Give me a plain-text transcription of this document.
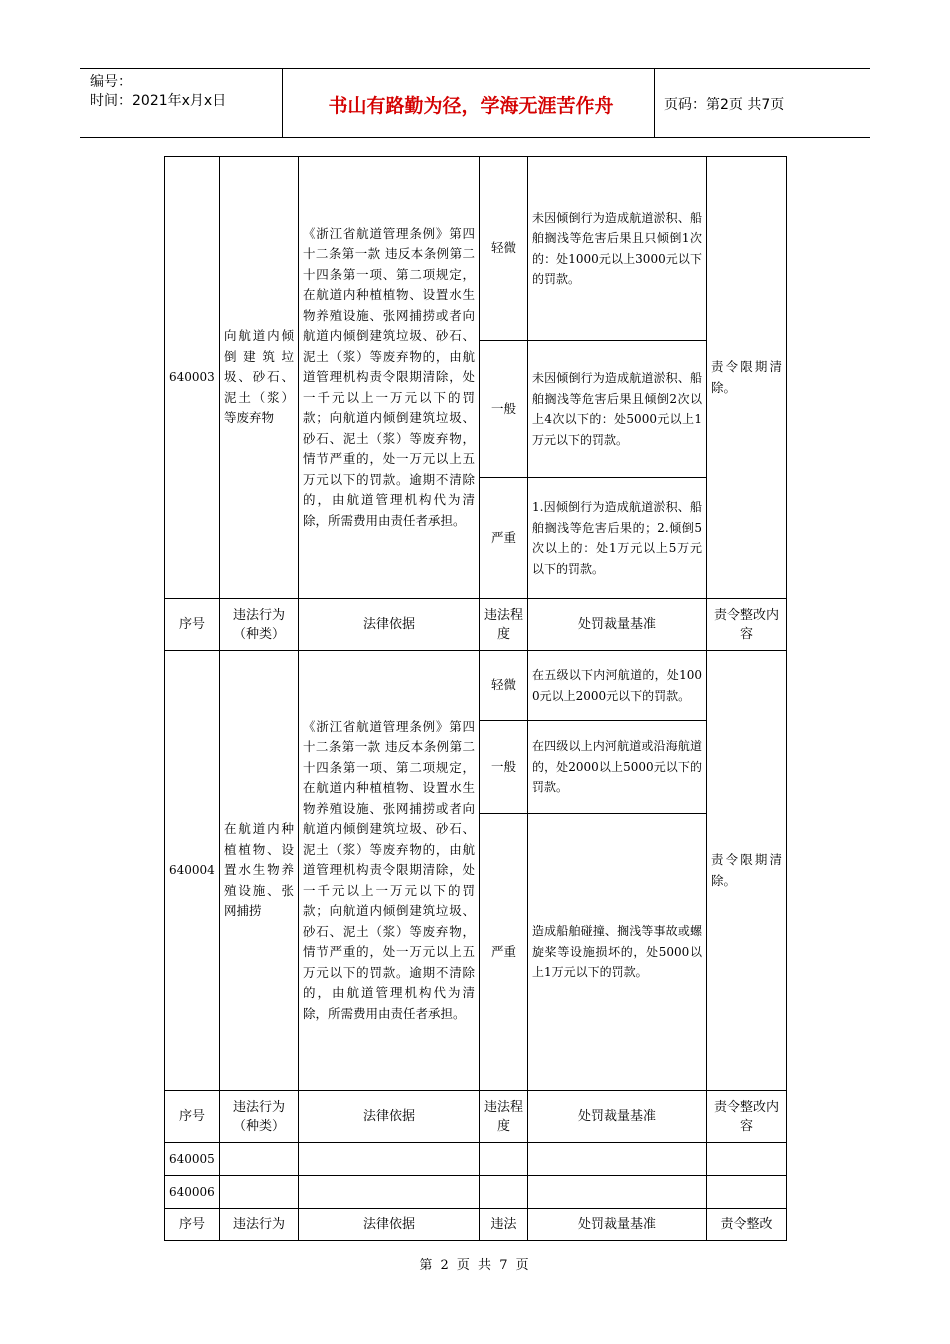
编号：
时间：2021年x月x日	书山有路勤为径，学海无涯苦作舟	页码：第2页 共7页
640003	向航道内倾倒建筑垃圾、砂石、泥土（浆）等废弃物	《浙江省航道管理条例》第四十二条第一款 违反本条例第二十四条第一项、第二项规定，在航道内种植植物、设置水生物养殖设施、张网捕捞或者向航道内倾倒建筑垃圾、砂石、泥土（浆）等废弃物的，由航道管理机构责令限期清除，处一千元以上一万元以下的罚款；向航道内倾倒建筑垃圾、砂石、泥土（浆）等废弃物，情节严重的，处一万元以上五万元以下的罚款。逾期不清除的，由航道管理机构代为清除，所需费用由责任者承担。	轻微	未因倾倒行为造成航道淤积、船舶搁浅等危害后果且只倾倒1次的：处1000元以上3000元以下的罚款。	责令限期清除。
			一般	未因倾倒行为造成航道淤积、船舶搁浅等危害后果且倾倒2次以上4次以下的：处5000元以上1万元以下的罚款。	
			严重	1.因倾倒行为造成航道淤积、船舶搁浅等危害后果的；2.倾倒5次以上的：处1万元以上5万元以下的罚款。	
序号	违法行为（种类）	法律依据	违法程度	处罚裁量基准	责令整改内容
640004	在航道内种植植物、设置水生物养殖设施、张网捕捞	《浙江省航道管理条例》第四十二条第一款 违反本条例第二十四条第一项、第二项规定，在航道内种植植物、设置水生物养殖设施、张网捕捞或者向航道内倾倒建筑垃圾、砂石、泥土（浆）等废弃物的，由航道管理机构责令限期清除，处一千元以上一万元以下的罚款；向航道内倾倒建筑垃圾、砂石、泥土（浆）等废弃物，情节严重的，处一万元以上五万元以下的罚款。逾期不清除的，由航道管理机构代为清除，所需费用由责任者承担。	轻微	在五级以下内河航道的，处1000元以上2000元以下的罚款。	责令限期清除。
			一般	在四级以上内河航道或沿海航道的，处2000以上5000元以下的罚款。	
			严重	造成船舶碰撞、搁浅等事故或螺旋桨等设施损坏的，处5000以上1万元以下的罚款。	
序号	违法行为（种类）	法律依据	违法程度	处罚裁量基准	责令整改内容
640005					
640006					
序号	违法行为	法律依据	违法	处罚裁量基准	责令整改
第 2 页 共 7 页
